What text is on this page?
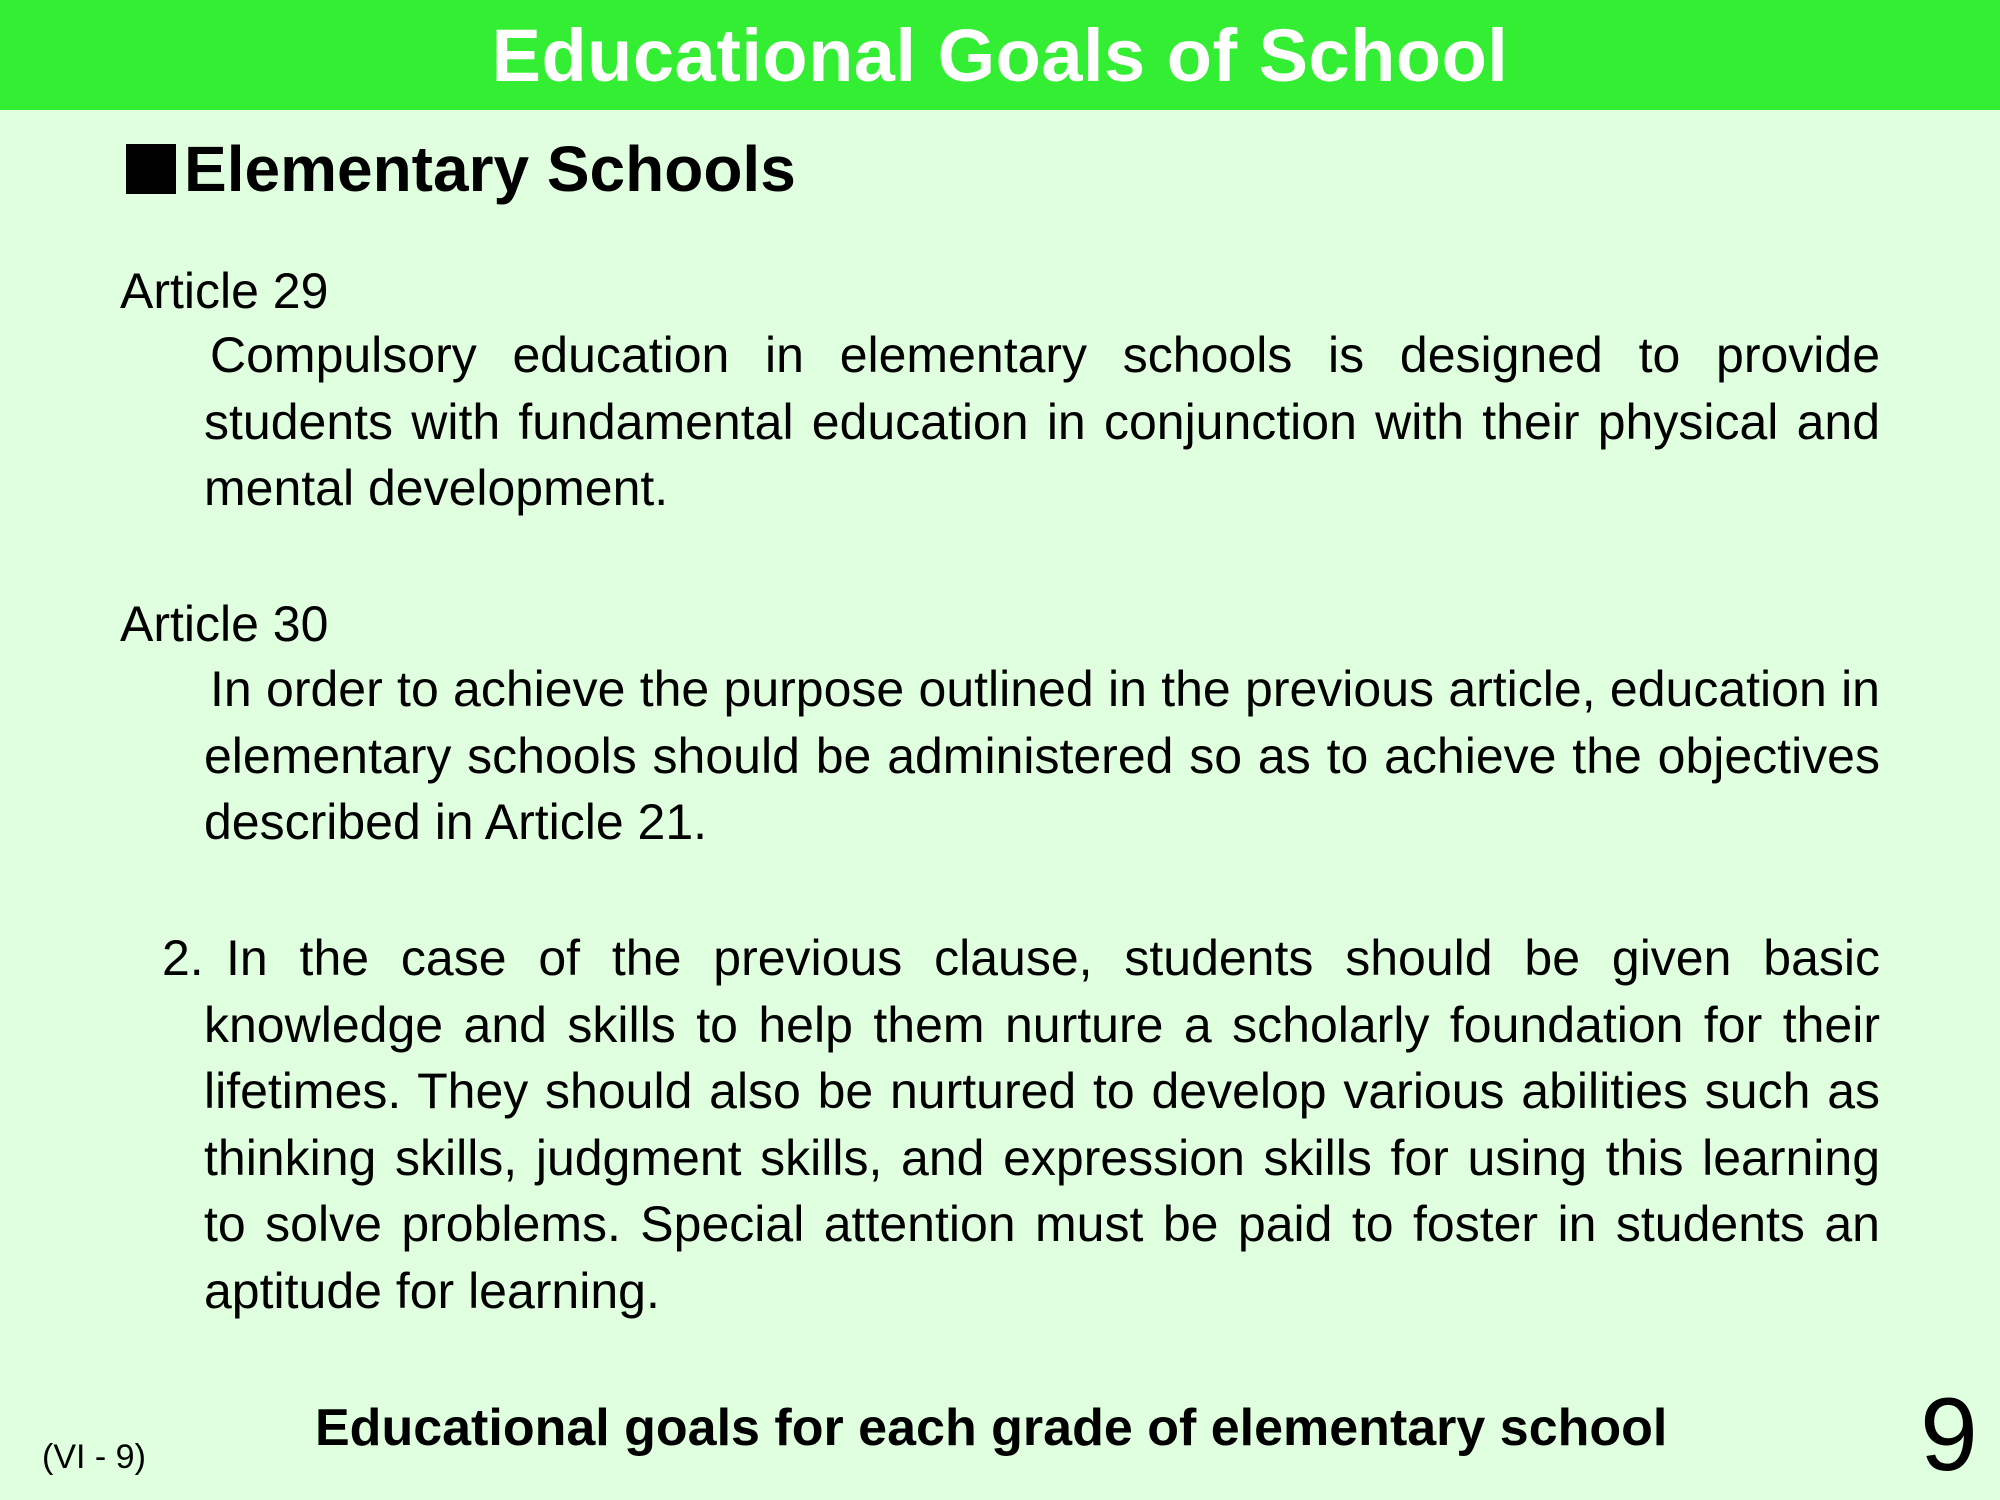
Educational Goals of School
Elementary Schools
Article 29
Compulsory education in elementary schools is designed to provide students with fundamental education in conjunction with their physical and mental development.
Article 30
In order to achieve the purpose outlined in the previous article, education in elementary schools should be administered so as to achieve the objectives described in Article 21.
2. In the case of the previous clause, students should be given basic knowledge and skills to help them nurture a scholarly foundation for their lifetimes. They should also be nurtured to develop various abilities such as thinking skills, judgment skills, and expression skills for using this learning to solve problems. Special attention must be paid to foster in students an aptitude for learning.
(VI - 9)	Educational goals for each grade of elementary school 9
